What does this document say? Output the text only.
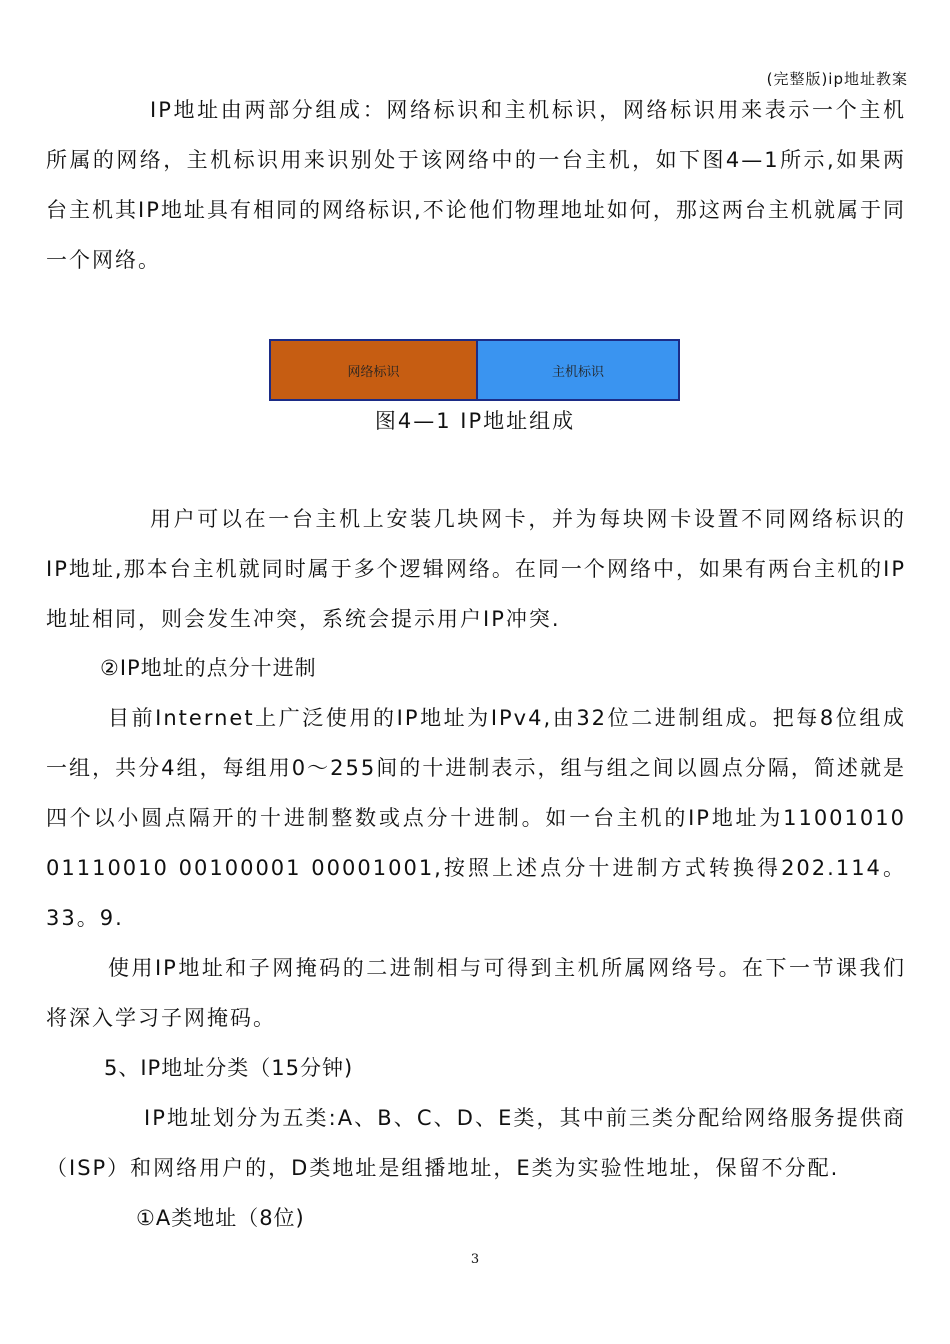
(完整版)ip地址教案

IP地址由两部分组成：网络标识和主机标识，网络标识用来表示一个主机所属的网络，主机标识用来识别处于该网络中的一台主机，如下图4—1所示,如果两台主机其IP地址具有相同的网络标识,不论他们物理地址如何，那这两台主机就属于同一个网络。

网络标识	主机标识
图4—1 IP地址组成

用户可以在一台主机上安装几块网卡，并为每块网卡设置不同网络标识的IP地址,那本台主机就同时属于多个逻辑网络。在同一个网络中，如果有两台主机的IP地址相同，则会发生冲突，系统会提示用户IP冲突.

②IP地址的点分十进制

目前Internet上广泛使用的IP地址为IPv4,由32位二进制组成。把每8位组成一组，共分4组，每组用0～255间的十进制表示，组与组之间以圆点分隔，简述就是四个以小圆点隔开的十进制整数或点分十进制。如一台主机的IP地址为11001010 01110010 00100001 00001001,按照上述点分十进制方式转换得202.114。33。9.

使用IP地址和子网掩码的二进制相与可得到主机所属网络号。在下一节课我们将深入学习子网掩码。

5、IP地址分类（15分钟)

IP地址划分为五类:A、B、C、D、E类，其中前三类分配给网络服务提供商（ISP）和网络用户的，D类地址是组播地址，E类为实验性地址，保留不分配.

①A类地址（8位)
3
